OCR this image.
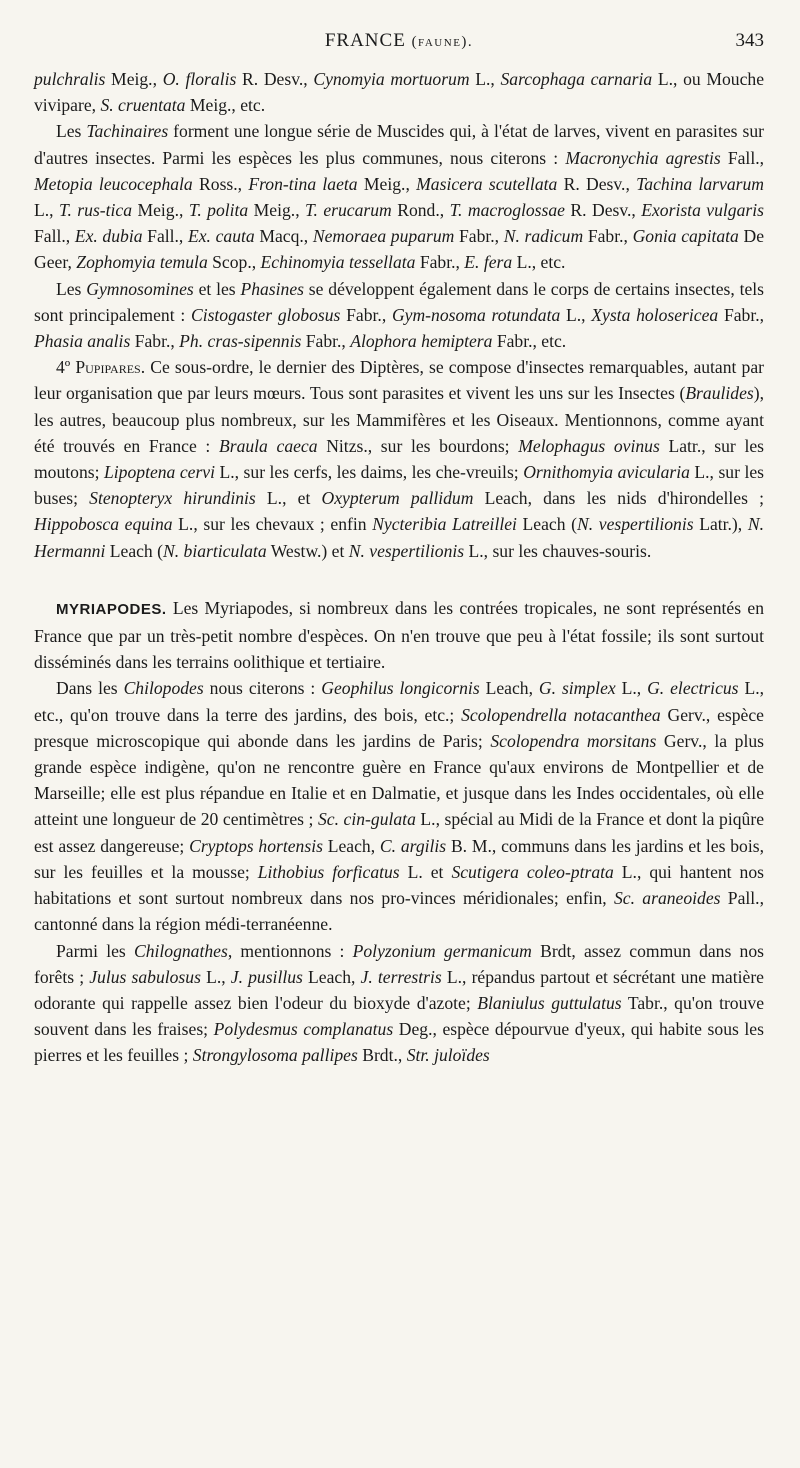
FRANCE (faune).	343

pulchralis Meig., O. floralis R. Desv., Cynomyia mortuorum L., Sarcophaga carnaria L., ou Mouche vivipare, S. cruentata Meig., etc.

Les Tachinaires forment une longue série de Muscides qui, à l'état de larves, vivent en parasites sur d'autres insectes. Parmi les espèces les plus communes, nous citerons : Macronychia agrestis Fall., Metopia leucocephala Ross., Fron-tina laeta Meig., Masicera scutellata R. Desv., Tachina larvarum L., T. rus-tica Meig., T. polita Meig., T. erucarum Rond., T. macroglossae R. Desv., Exorista vulgaris Fall., Ex. dubia Fall., Ex. cauta Macq., Nemoraea puparum Fabr., N. radicum Fabr., Gonia capitata De Geer, Zophomyia temula Scop., Echinomyia tessellata Fabr., E. fera L., etc.

Les Gymnosomines et les Phasines se développent également dans le corps de certains insectes, tels sont principalement : Cistogaster globosus Fabr., Gym-nosoma rotundata L., Xysta holosericea Fabr., Phasia analis Fabr., Ph. cras-sipennis Fabr., Alophora hemiptera Fabr., etc.

4º Pupipares. Ce sous-ordre, le dernier des Diptères, se compose d'insectes remarquables, autant par leur organisation que par leurs mœurs. Tous sont parasites et vivent les uns sur les Insectes (Braulides), les autres, beaucoup plus nombreux, sur les Mammifères et les Oiseaux. Mentionnons, comme ayant été trouvés en France : Braula caeca Nitzs., sur les bourdons; Melophagus ovinus Latr., sur les moutons; Lipoptena cervi L., sur les cerfs, les daims, les che-vreuils; Ornithomyia avicularia L., sur les buses; Stenopteryx hirundinis L., et Oxypterum pallidum Leach, dans les nids d'hirondelles ; Hippobosca equina L., sur les chevaux ; enfin Nycteribia Latreillei Leach (N. vespertilionis Latr.), N. Hermanni Leach (N. biarticulata Westw.) et N. vespertilionis L., sur les chauves-souris.

MYRIAPODES. Les Myriapodes, si nombreux dans les contrées tropicales, ne sont représentés en France que par un très-petit nombre d'espèces. On n'en trouve que peu à l'état fossile; ils sont surtout disséminés dans les terrains oolithique et tertiaire.

Dans les Chilopodes nous citerons : Geophilus longicornis Leach, G. simplex L., G. electricus L., etc., qu'on trouve dans la terre des jardins, des bois, etc.; Scolopendrella notacanthea Gerv., espèce presque microscopique qui abonde dans les jardins de Paris; Scolopendra morsitans Gerv., la plus grande espèce indigène, qu'on ne rencontre guère en France qu'aux environs de Montpellier et de Marseille; elle est plus répandue en Italie et en Dalmatie, et jusque dans les Indes occidentales, où elle atteint une longueur de 20 centimètres ; Sc. cin-gulata L., spécial au Midi de la France et dont la piqûre est assez dangereuse; Cryptops hortensis Leach, C. argilis B. M., communs dans les jardins et les bois, sur les feuilles et la mousse; Lithobius forficatus L. et Scutigera coleo-ptrata L., qui hantent nos habitations et sont surtout nombreux dans nos pro-vinces méridionales; enfin, Sc. araneoides Pall., cantonné dans la région médi-terranéenne.

Parmi les Chilognathes, mentionnons : Polyzonium germanicum Brdt, assez commun dans nos forêts ; Julus sabulosus L., J. pusillus Leach, J. terrestris L., répandus partout et sécrétant une matière odorante qui rappelle assez bien l'odeur du bioxyde d'azote; Blaniulus guttulatus Tabr., qu'on trouve souvent dans les fraises; Polydesmus complanatus Deg., espèce dépourvue d'yeux, qui habite sous les pierres et les feuilles ; Strongylosoma pallipes Brdt., Str. juloïdes
